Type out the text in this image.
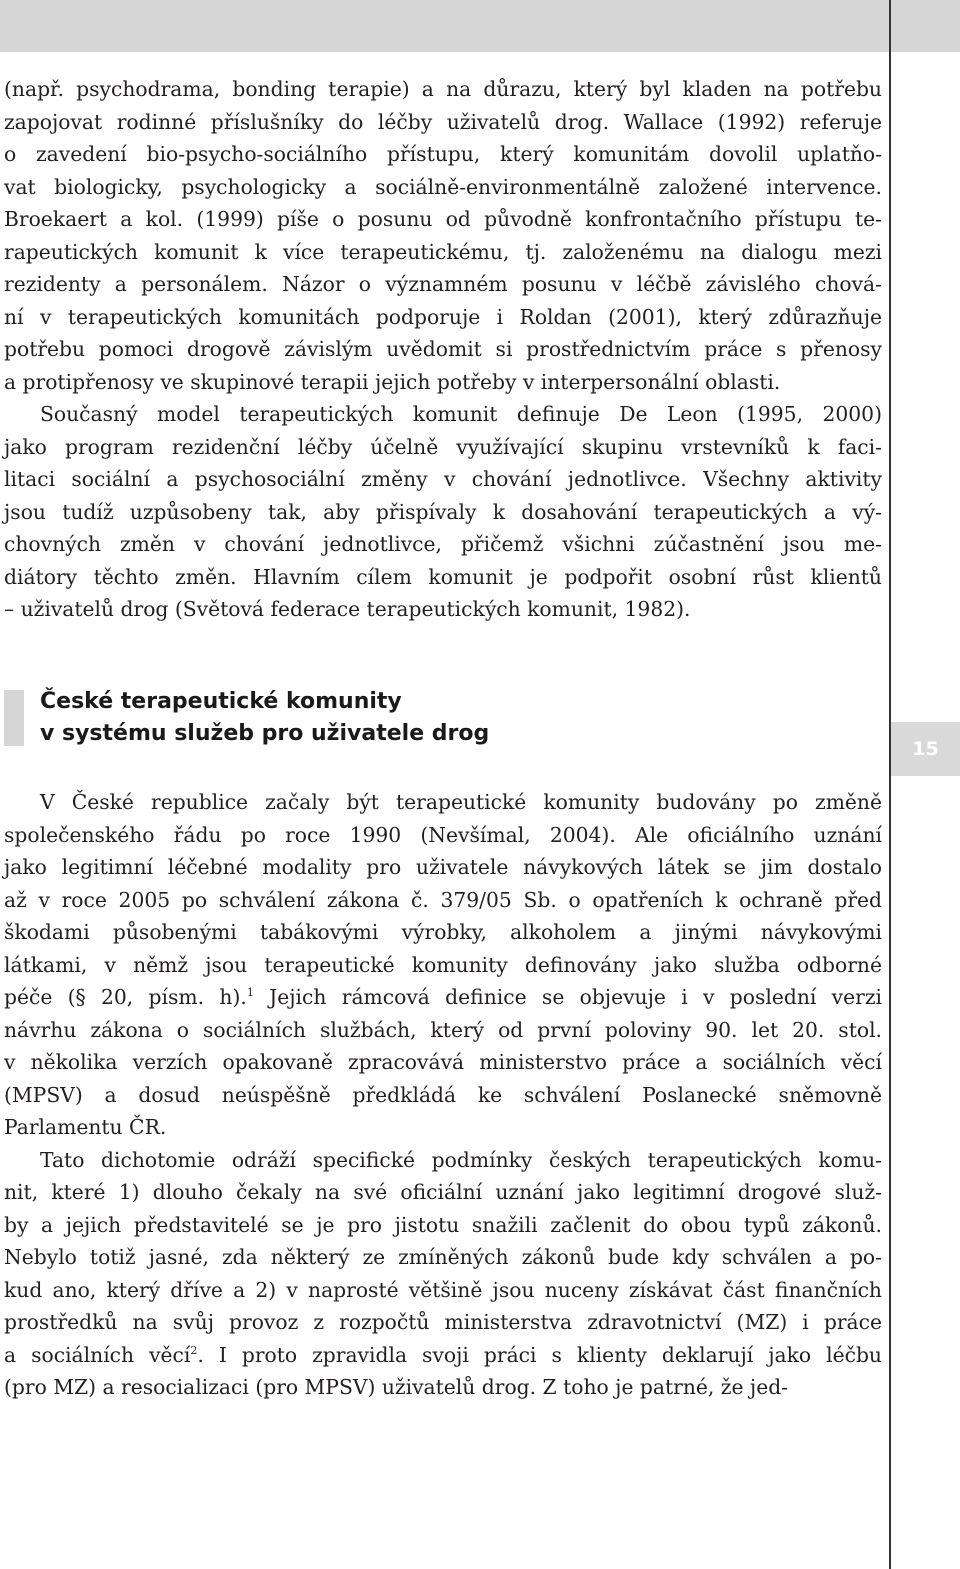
15
(např. psychodrama, bonding terapie) a na důrazu, který byl kladen na potřebu
zapojovat rodinné příslušníky do léčby uživatelů drog. Wallace (1992) referuje
o zavedení bio-psycho-sociálního přístupu, který komunitám dovolil uplatňo-
vat biologicky, psychologicky a sociálně-environmentálně založené intervence.
Broekaert a kol. (1999) píše o posunu od původně konfrontačního přístupu te-
rapeutických komunit k více terapeutickému, tj. založenému na dialogu mezi
rezidenty a personálem. Názor o významném posunu v léčbě závislého chová-
ní v terapeutických komunitách podporuje i Roldan (2001), který zdůrazňuje
potřebu pomoci drogově závislým uvědomit si prostřednictvím práce s přenosy
a protipřenosy ve skupinové terapii jejich potřeby v interpersonální oblasti.
Současný model terapeutických komunit definuje De Leon (1995, 2000)
jako program rezidenční léčby účelně využívající skupinu vrstevníků k faci-
litaci sociální a psychosociální změny v chování jednotlivce. Všechny aktivity
jsou tudíž uzpůsobeny tak, aby přispívaly k dosahování terapeutických a vý-
chovných změn v chování jednotlivce, přičemž všichni zúčastnění jsou me-
diátory těchto změn. Hlavním cílem komunit je podpořit osobní růst klientů
– uživatelů drog (Světová federace terapeutických komunit, 1982).
České terapeutické komunity
v systému služeb pro uživatele drog
V České republice začaly být terapeutické komunity budovány po změně
společenského řádu po roce 1990 (Nevšímal, 2004). Ale oficiálního uznání
jako legitimní léčebné modality pro uživatele návykových látek se jim dostalo
až v roce 2005 po schválení zákona č. 379/05 Sb. o opatřeních k ochraně před
škodami působenými tabákovými výrobky, alkoholem a jinými návykovými
látkami, v němž jsou terapeutické komunity definovány jako služba odborné
péče (§ 20, písm. h).$^1$ Jejich rámcová definice se objevuje i v poslední verzi
návrhu zákona o sociálních službách, který od první poloviny 90. let 20. stol.
v několika verzích opakovaně zpracovává ministerstvo práce a sociálních věcí
(MPSV) a dosud neúspěšně předkládá ke schválení Poslanecké sněmovně
Parlamentu ČR.
Tato dichotomie odráží specifické podmínky českých terapeutických komu-
nit, které 1) dlouho čekaly na své oficiální uznání jako legitimní drogové služ-
by a jejich představitelé se je pro jistotu snažili začlenit do obou typů zákonů.
Nebylo totiž jasné, zda některý ze zmíněných zákonů bude kdy schválen a po-
kud ano, který dříve a 2) v naprosté většině jsou nuceny získávat část finančních
prostředků na svůj provoz z rozpočtů ministerstva zdravotnictví (MZ) i práce
a sociálních věcí$^2$. I proto zpravidla svoji práci s klienty deklarují jako léčbu
(pro MZ) a resocializaci (pro MPSV) uživatelů drog. Z toho je patrné, že jed-
